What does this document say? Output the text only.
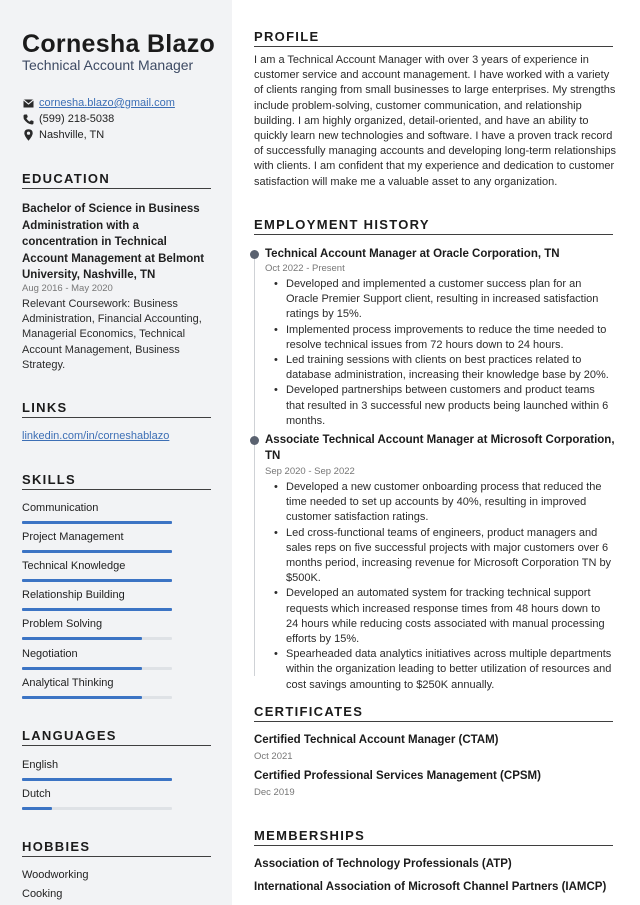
Cornesha Blazo
Technical Account Manager
cornesha.blazo@gmail.com
(599) 218-5038
Nashville, TN
EDUCATION
Bachelor of Science in Business Administration with a concentration in Technical Account Management at Belmont University, Nashville, TN
Aug 2016 - May 2020
Relevant Coursework: Business Administration, Financial Accounting, Managerial Economics, Technical Account Management, Business Strategy.
LINKS
linkedin.com/in/corneshablazo
SKILLS
Communication
Project Management
Technical Knowledge
Relationship Building
Problem Solving
Negotiation
Analytical Thinking
LANGUAGES
English
Dutch
HOBBIES
Woodworking
Cooking
PROFILE
I am a Technical Account Manager with over 3 years of experience in customer service and account management. I have worked with a variety of clients ranging from small businesses to large enterprises. My strengths include problem-solving, customer communication, and relationship building. I am highly organized, detail-oriented, and have an ability to quickly learn new technologies and software. I have a proven track record of successfully managing accounts and developing long-term relationships with clients. I am confident that my experience and dedication to customer satisfaction will make me a valuable asset to any organization.
EMPLOYMENT HISTORY
Technical Account Manager at Oracle Corporation, TN
Oct 2022 - Present
• Developed and implemented a customer success plan for an Oracle Premier Support client, resulting in increased satisfaction ratings by 15%.
• Implemented process improvements to reduce the time needed to resolve technical issues from 72 hours down to 24 hours.
• Led training sessions with clients on best practices related to database administration, increasing their knowledge base by 20%.
• Developed partnerships between customers and product teams that resulted in 3 successful new products being launched within 6 months.
Associate Technical Account Manager at Microsoft Corporation, TN
Sep 2020 - Sep 2022
• Developed a new customer onboarding process that reduced the time needed to set up accounts by 40%, resulting in improved customer satisfaction ratings.
• Led cross-functional teams of engineers, product managers and sales reps on five successful projects with major customers over 6 months period, increasing revenue for Microsoft Corporation TN by $500K.
• Developed an automated system for tracking technical support requests which increased response times from 48 hours down to 24 hours while reducing costs associated with manual processing efforts by 15%.
• Spearheaded data analytics initiatives across multiple departments within the organization leading to better utilization of resources and cost savings amounting to $250K annually.
CERTIFICATES
Certified Technical Account Manager (CTAM)
Oct 2021
Certified Professional Services Management (CPSM)
Dec 2019
MEMBERSHIPS
Association of Technology Professionals (ATP)
International Association of Microsoft Channel Partners (IAMCP)
